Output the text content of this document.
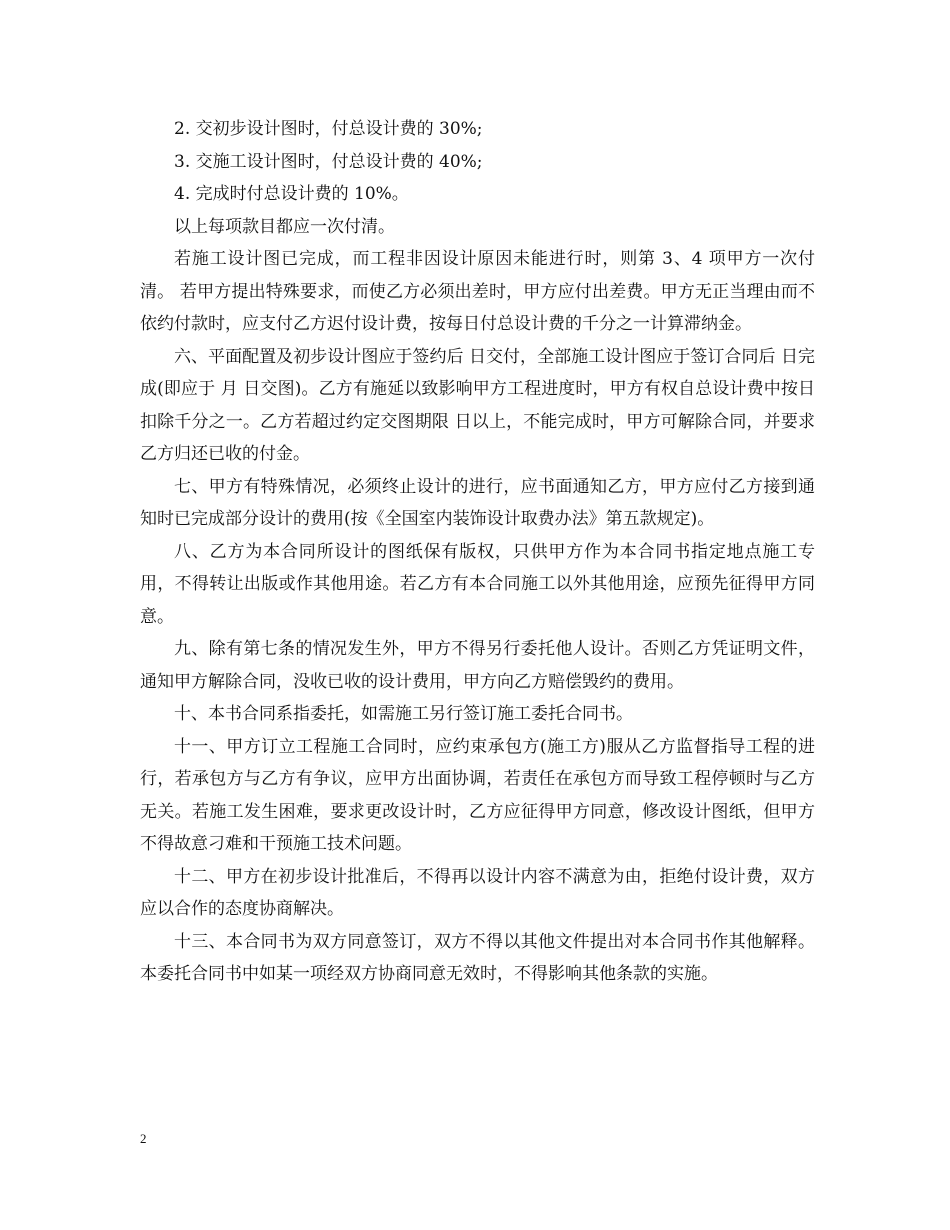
2. 交初步设计图时，付总设计费的 30%;

3. 交施工设计图时，付总设计费的 40%;

4. 完成时付总设计费的 10%。

以上每项款目都应一次付清。

若施工设计图已完成，而工程非因设计原因未能进行时，则第 3、4 项甲方一次付清。 若甲方提出特殊要求，而使乙方必须出差时，甲方应付出差费。甲方无正当理由而不依约付款时，应支付乙方迟付设计费，按每日付总设计费的千分之一计算滞纳金。

六、平面配置及初步设计图应于签约后 日交付，全部施工设计图应于签订合同后 日完成(即应于 月 日交图)。乙方有施延以致影响甲方工程进度时，甲方有权自总设计费中按日扣除千分之一。乙方若超过约定交图期限 日以上，不能完成时，甲方可解除合同，并要求乙方归还已收的付金。

七、甲方有特殊情况，必须终止设计的进行，应书面通知乙方，甲方应付乙方接到通知时已完成部分设计的费用(按《全国室内装饰设计取费办法》第五款规定)。

八、乙方为本合同所设计的图纸保有版权，只供甲方作为本合同书指定地点施工专用，不得转让出版或作其他用途。若乙方有本合同施工以外其他用途，应预先征得甲方同意。

九、除有第七条的情况发生外，甲方不得另行委托他人设计。否则乙方凭证明文件，通知甲方解除合同，没收已收的设计费用，甲方向乙方赔偿毁约的费用。

十、本书合同系指委托，如需施工另行签订施工委托合同书。

十一、甲方订立工程施工合同时，应约束承包方(施工方)服从乙方监督指导工程的进行，若承包方与乙方有争议，应甲方出面协调，若责任在承包方而导致工程停顿时与乙方无关。若施工发生困难，要求更改设计时，乙方应征得甲方同意，修改设计图纸，但甲方不得故意刁难和干预施工技术问题。

十二、甲方在初步设计批准后，不得再以设计内容不满意为由，拒绝付设计费，双方应以合作的态度协商解决。

十三、本合同书为双方同意签订，双方不得以其他文件提出对本合同书作其他解释。本委托合同书中如某一项经双方协商同意无效时，不得影响其他条款的实施。

2
